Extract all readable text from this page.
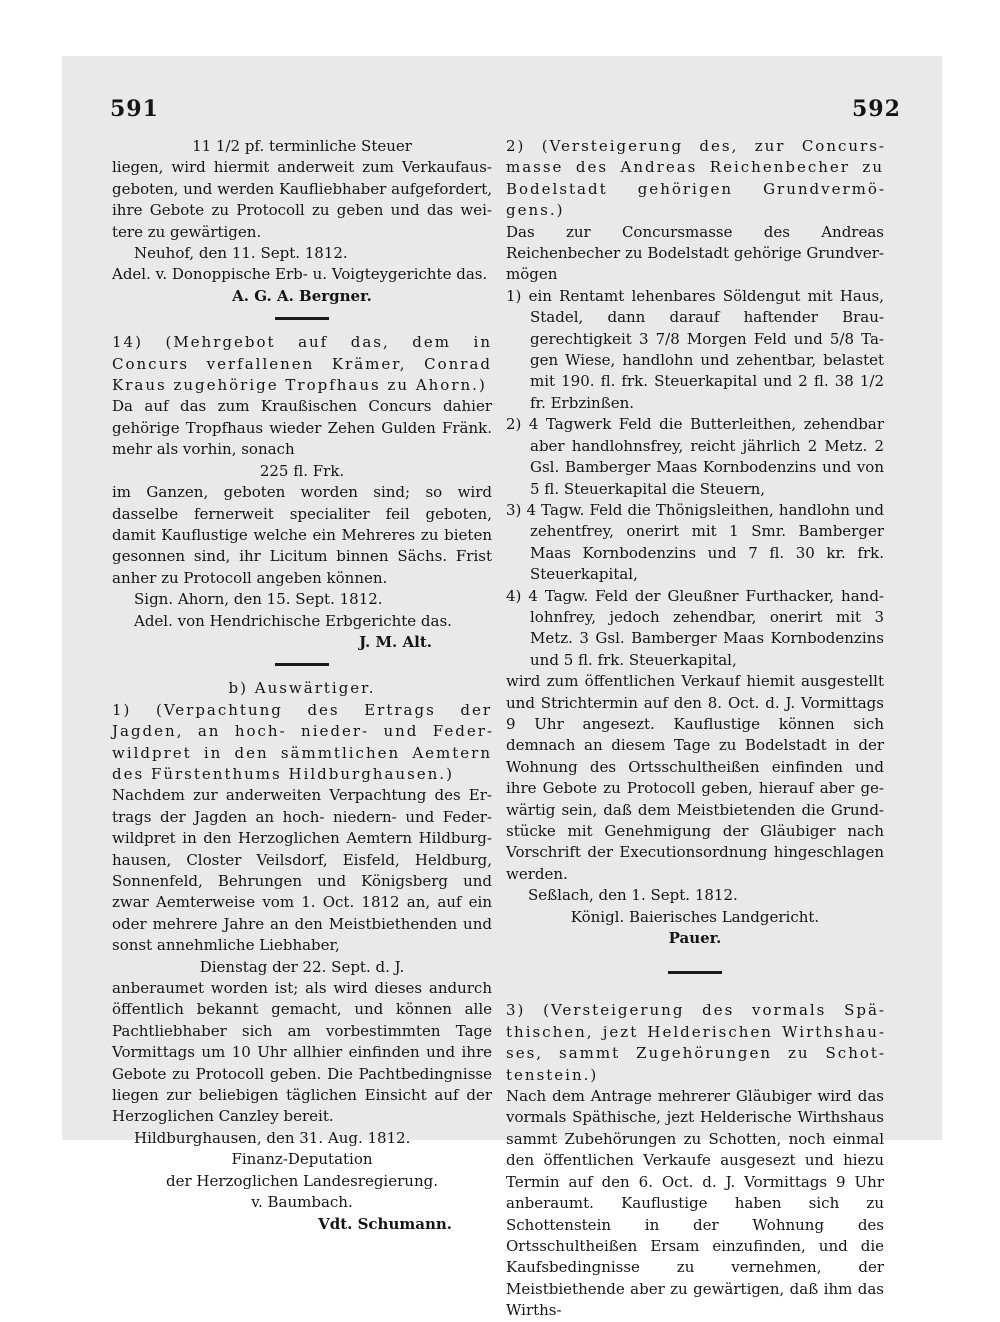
591	592

11 1/2 pf. terminliche Steuer

liegen, wird hiermit anderweit zum Verkaufausgeboten, und werden Kaufliebhaber aufgefordert, ihre Gebote zu Protocoll zu geben und das weitere zu gewärtigen.

Neuhof, den 11. Sept. 1812.

Adel. v. Donoppische Erb- u. Voigteygerichte das.

A. G. A. Bergner.

14) (Mehrgebot auf das, dem in Concurs verfallenen Krämer, Conrad Kraus zugehörige Tropfhaus zu Ahorn.)

Da auf das zum Kraußischen Concurs dahier gehörige Tropfhaus wieder Zehen Gulden Fränk. mehr als vorhin, sonach

225 fl. Frk.

im Ganzen, geboten worden sind; so wird dasselbe fernerweit specialiter feil geboten, damit Kauflustige welche ein Mehreres zu bieten gesonnen sind, ihr Licitum binnen Sächs. Frist anher zu Protocoll angeben können.

Sign. Ahorn, den 15. Sept. 1812.

Adel. von Hendrichische Erbgerichte das.

J. M. Alt.

b) Auswärtiger.

1) (Verpachtung des Ertrags der Jagden, an hoch- nieder- und Federwildpret in den sämmtlichen Aemtern des Fürstenthums Hildburghausen.)

Nachdem zur anderweiten Verpachtung des Ertrags der Jagden an hoch- niedern- und Federwildpret in den Herzoglichen Aemtern Hildburghausen, Closter Veilsdorf, Eisfeld, Heldburg, Sonnenfeld, Behrungen und Königsberg und zwar Aemterweise vom 1. Oct. 1812 an, auf ein oder mehrere Jahre an den Meistbiethenden und sonst annehmliche Liebhaber,

Dienstag der 22. Sept. d. J.

anberaumet worden ist; als wird dieses andurch öffentlich bekannt gemacht, und können alle Pachtliebhaber sich am vorbestimmten Tage Vormittags um 10 Uhr allhier einfinden und ihre Gebote zu Protocoll geben. Die Pachtbedingnisse liegen zur beliebigen täglichen Einsicht auf der Herzoglichen Canzley bereit.

Hildburghausen, den 31. Aug. 1812.

Finanz-Deputation

der Herzoglichen Landesregierung.

v. Baumbach.

Vdt. Schumann.

2) (Versteigerung des, zur Concursmasse des Andreas Reichenbecher zu Bodelstadt gehörigen Grundvermögens.)

Das zur Concursmasse des Andreas Reichenbecher zu Bodelstadt gehörige Grundvermögen

1) ein Rentamt lehenbares Söldengut mit Haus, Stadel, dann darauf haftender Braugerechtigkeit 3 7/8 Morgen Feld und 5/8 Tagen Wiese, handlohn und zehentbar, belastet mit 190. fl. frk. Steuerkapital und 2 fl. 38 1/2 fr. Erbzinßen.

2) 4 Tagwerk Feld die Butterleithen, zehendbar aber handlohnsfrey, reicht jährlich 2 Metz. 2 Gsl. Bamberger Maas Kornbodenzins und von 5 fl. Steuerkapital die Steuern,

3) 4 Tagw. Feld die Thönigsleithen, handlohn und zehentfrey, onerirt mit 1 Smr. Bamberger Maas Kornbodenzins und 7 fl. 30 kr. frk. Steuerkapital,

4) 4 Tagw. Feld der Gleußner Furthacker, handlohnfrey, jedoch zehendbar, onerirt mit 3 Metz. 3 Gsl. Bamberger Maas Kornbodenzins und 5 fl. frk. Steuerkapital,

wird zum öffentlichen Verkauf hiemit ausgestellt und Strichtermin auf den 8. Oct. d. J. Vormittags 9 Uhr angesezt. Kauflustige können sich demnach an diesem Tage zu Bodelstadt in der Wohnung des Ortsschultheißen einfinden und ihre Gebote zu Protocoll geben, hierauf aber gewärtig sein, daß dem Meistbietenden die Grundstücke mit Genehmigung der Gläubiger nach Vorschrift der Executionsordnung hingeschlagen werden.

Seßlach, den 1. Sept. 1812.

Königl. Baierisches Landgericht.

Pauer.

3) (Versteigerung des vormals Späthischen, jezt Helderischen Wirthshauses, sammt Zugehörungen zu Schottenstein.)

Nach dem Antrage mehrerer Gläubiger wird das vormals Späthische, jezt Helderische Wirthshaus sammt Zubehörungen zu Schotten, noch einmal den öffentlichen Verkaufe ausgesezt und hiezu Termin auf den 6. Oct. d. J. Vormittags 9 Uhr anberaumt. Kauflustige haben sich zu Schottenstein in der Wohnung des Ortsschultheißen Ersam einzufinden, und die Kaufsbedingnisse zu vernehmen, der Meistbiethende aber zu gewärtigen, daß ihm das Wirths-
